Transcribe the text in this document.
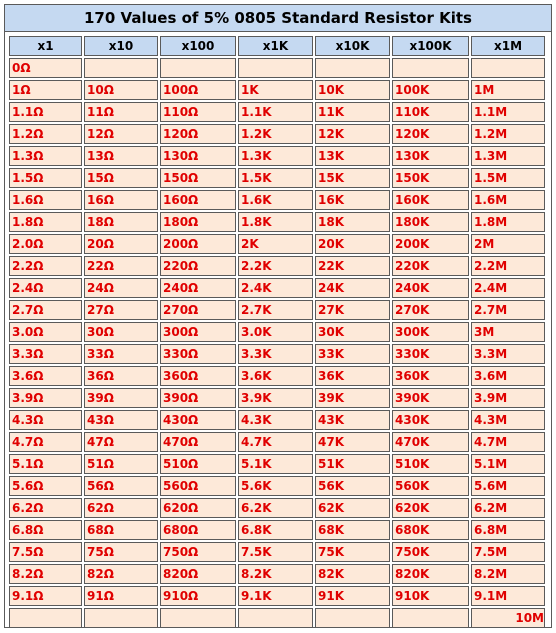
170 Values of 5% 0805 Standard Resistor Kits
x1	x10	x100	x1K	x10K	x100K	x1M
0Ω						
1Ω	10Ω	100Ω	1K	10K	100K	1M
1.1Ω	11Ω	110Ω	1.1K	11K	110K	1.1M
1.2Ω	12Ω	120Ω	1.2K	12K	120K	1.2M
1.3Ω	13Ω	130Ω	1.3K	13K	130K	1.3M
1.5Ω	15Ω	150Ω	1.5K	15K	150K	1.5M
1.6Ω	16Ω	160Ω	1.6K	16K	160K	1.6M
1.8Ω	18Ω	180Ω	1.8K	18K	180K	1.8M
2.0Ω	20Ω	200Ω	2K	20K	200K	2M
2.2Ω	22Ω	220Ω	2.2K	22K	220K	2.2M
2.4Ω	24Ω	240Ω	2.4K	24K	240K	2.4M
2.7Ω	27Ω	270Ω	2.7K	27K	270K	2.7M
3.0Ω	30Ω	300Ω	3.0K	30K	300K	3M
3.3Ω	33Ω	330Ω	3.3K	33K	330K	3.3M
3.6Ω	36Ω	360Ω	3.6K	36K	360K	3.6M
3.9Ω	39Ω	390Ω	3.9K	39K	390K	3.9M
4.3Ω	43Ω	430Ω	4.3K	43K	430K	4.3M
4.7Ω	47Ω	470Ω	4.7K	47K	470K	4.7M
5.1Ω	51Ω	510Ω	5.1K	51K	510K	5.1M
5.6Ω	56Ω	560Ω	5.6K	56K	560K	5.6M
6.2Ω	62Ω	620Ω	6.2K	62K	620K	6.2M
6.8Ω	68Ω	680Ω	6.8K	68K	680K	6.8M
7.5Ω	75Ω	750Ω	7.5K	75K	750K	7.5M
8.2Ω	82Ω	820Ω	8.2K	82K	820K	8.2M
9.1Ω	91Ω	910Ω	9.1K	91K	910K	9.1M
						10M
